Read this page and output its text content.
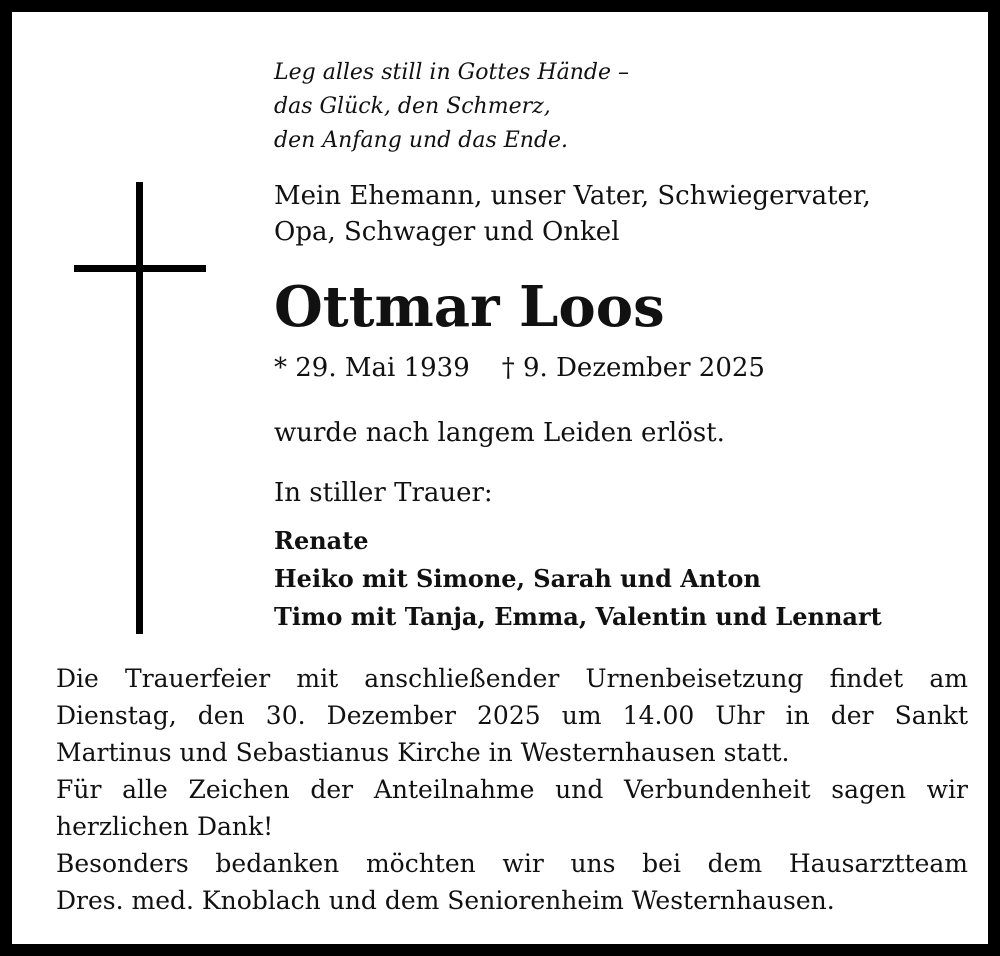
Leg alles still in Gottes Hände –
das Glück, den Schmerz,
den Anfang und das Ende.
Mein Ehemann, unser Vater, Schwiegervater,
Opa, Schwager und Onkel
Ottmar Loos
* 29. Mai 1939 † 9. Dezember 2025
wurde nach langem Leiden erlöst.
In stiller Trauer:
Renate
Heiko mit Simone, Sarah und Anton
Timo mit Tanja, Emma, Valentin und Lennart

Die Trauerfeier mit anschließender Urnenbeisetzung findet am

Dienstag, den 30. Dezember 2025 um 14.00 Uhr in der Sankt

Martinus und Sebastianus Kirche in Westernhausen statt.

Für alle Zeichen der Anteilnahme und Verbundenheit sagen wir

herzlichen Dank!

Besonders bedanken möchten wir uns bei dem Hausarztteam

Dres. med. Knoblach und dem Seniorenheim Westernhausen.
